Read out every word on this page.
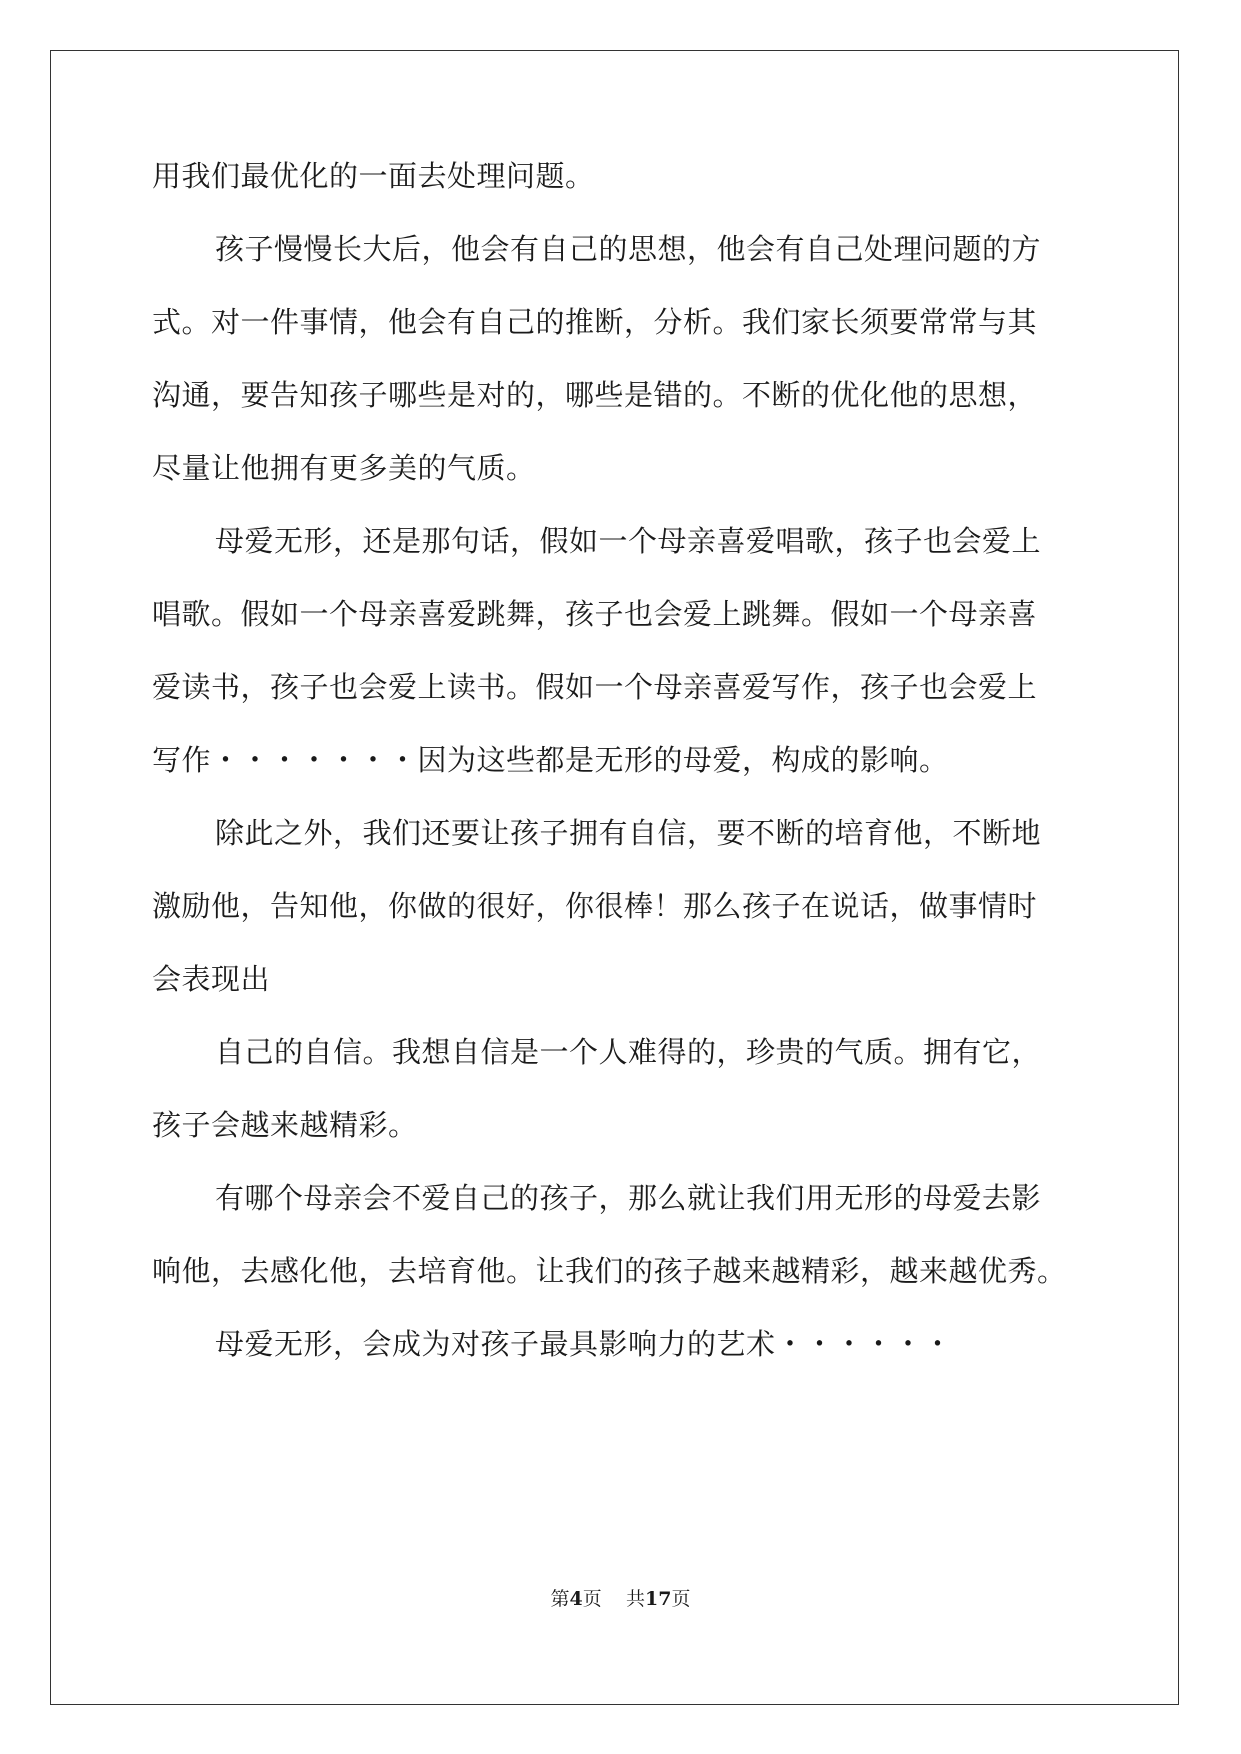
用我们最优化的一面去处理问题。
孩子慢慢长大后，他会有自己的思想，他会有自己处理问题的方
式。对一件事情，他会有自己的推断，分析。我们家长须要常常与其
沟通，要告知孩子哪些是对的，哪些是错的。不断的优化他的思想，
尽量让他拥有更多美的气质。
母爱无形，还是那句话，假如一个母亲喜爱唱歌，孩子也会爱上
唱歌。假如一个母亲喜爱跳舞，孩子也会爱上跳舞。假如一个母亲喜
爱读书，孩子也会爱上读书。假如一个母亲喜爱写作，孩子也会爱上
写作・・・・・・・因为这些都是无形的母爱，构成的影响。
除此之外，我们还要让孩子拥有自信，要不断的培育他，不断地
激励他，告知他，你做的很好，你很棒！那么孩子在说话，做事情时
会表现出
自己的自信。我想自信是一个人难得的，珍贵的气质。拥有它，
孩子会越来越精彩。
有哪个母亲会不爱自己的孩子，那么就让我们用无形的母爱去影
响他，去感化他，去培育他。让我们的孩子越来越精彩，越来越优秀。
母爱无形，会成为对孩子最具影响力的艺术・・・・・・
第4页 共17页
